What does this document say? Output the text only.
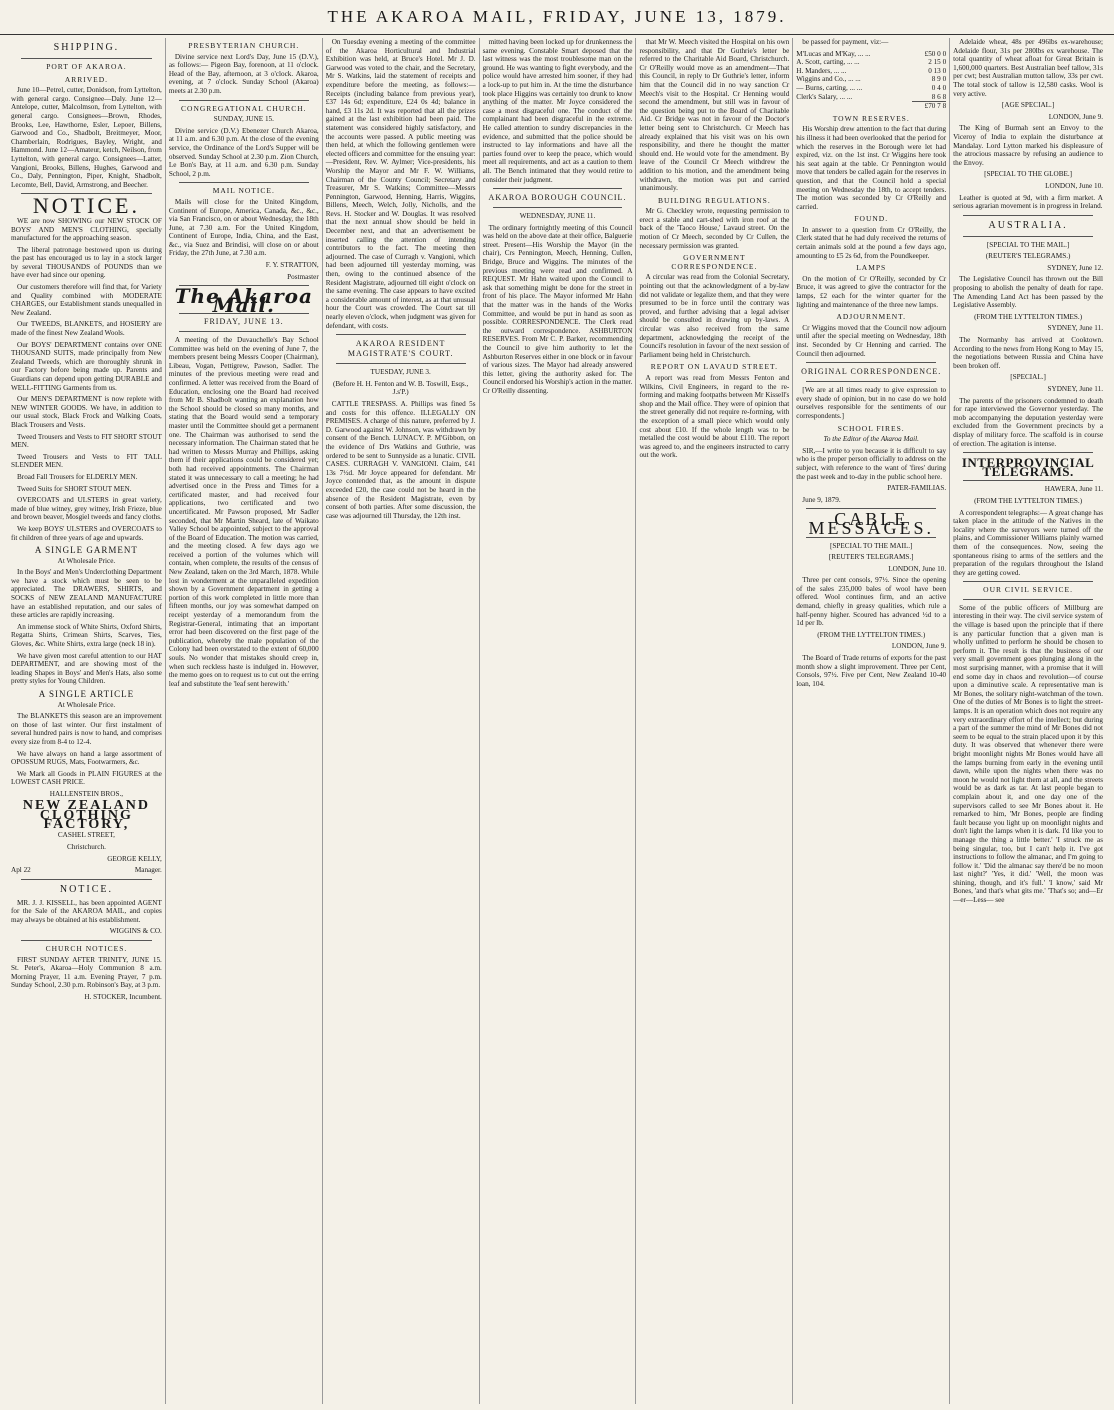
THE AKAROA MAIL, FRIDAY, JUNE 13, 1879.
SHIPPING.
PORT OF AKAROA.
ARRIVED.

June 10—Petrel, cutter, Donidson, from Lyttelton, with general cargo. Consignee—Daly. June 12—Antelope, cutter, Malcolmson, from Lyttelton, with general cargo. Consignees—Brown, Rhodes, Brooks, Lee, Hawthorne, Esler, Lepoer, Billens, Garwood and Co., Shadbolt, Breitmeyer, Moor, Chamberlain, Rodrigues, Bayley, Wright, and Hammond. June 12—Amateur, ketch, Neilson, from Lyttelton, with general cargo. Consignees—Latter, Vangioni, Brooks, Billens, Hughes, Garwood and Co., Daly, Pennington, Piper, Knight, Shadbolt, Lecomte, Bell, David, Armstrong, and Beecher.

NOTICE.

WE are now SHOWING our NEW STOCK OF BOYS' AND MEN'S CLOTHING, specially manufactured for the approaching season.

The liberal patronage bestowed upon us during the past has encouraged us to lay in a stock larger by several THOUSANDS of POUNDS than we have ever had since our opening.

Our customers therefore will find that, for Variety and Quality combined with MODERATE CHARGES, our Establishment stands unequalled in New Zealand.

Our TWEEDS, BLANKETS, and HOSIERY are made of the finest New Zealand Wools.

Our BOYS' DEPARTMENT contains over ONE THOUSAND SUITS, made principally from New Zealand Tweeds, which are thoroughly shrunk in our Factory before being made up. Parents and Guardians can depend upon getting DURABLE and WELL-FITTING Garments from us.

Our MEN'S DEPARTMENT is now replete with NEW WINTER GOODS. We have, in addition to our usual stock, Black Frock and Walking Coats, Black Trousers and Vests.

Tweed Trousers and Vests to FIT SHORT STOUT MEN.

Tweed Trousers and Vests to FIT TALL SLENDER MEN.

Broad Fall Trousers for ELDERLY MEN.

Tweed Suits for SHORT STOUT MEN.

OVERCOATS and ULSTERS in great variety, made of blue witney, grey witney, Irish Frieze, blue and brown beaver, Mosgiel tweeds and fancy cloths.

We keep BOYS' ULSTERS and OVERCOATS to fit children of three years of age and upwards.

A SINGLE GARMENT

At Wholesale Price.

In the Boys' and Men's Underclothing Department we have a stock which must be seen to be appreciated. The DRAWERS, SHIRTS, and SOCKS of NEW ZEALAND MANUFACTURE have an established reputation, and our sales of these articles are rapidly increasing.

An immense stock of White Shirts, Oxford Shirts, Regatta Shirts, Crimean Shirts, Scarves, Ties, Gloves, &c. White Shirts, extra large (neck 18 in).

We have given most careful attention to our HAT DEPARTMENT, and are showing most of the leading Shapes in Boys' and Men's Hats, also some pretty styles for Young Children.

A SINGLE ARTICLE

At Wholesale Price.

The BLANKETS this season are an improvement on those of last winter. Our first instalment of several hundred pairs is now to hand, and comprises every size from 8-4 to 12-4.

We have always on hand a large assortment of OPOSSUM RUGS, Mats, Footwarmers, &c.

We Mark all Goods in PLAIN FIGURES at the LOWEST CASH PRICE.

HALLENSTEIN BROS.,

NEW ZEALAND
CLOTHING FACTORY,

CASHEL STREET,

Christchurch.

GEORGE KELLY,

Apl 22	Manager.
NOTICE.

MR. J. J. KISSELL, has been appointed AGENT for the Sale of the AKAROA MAIL, and copies may always be obtained at his establishment.

WIGGINS & CO.

CHURCH NOTICES.

FIRST SUNDAY AFTER TRINITY, JUNE 15. St. Peter's, Akaroa—Holy Communion 8 a.m. Morning Prayer, 11 a.m. Evening Prayer, 7 p.m. Sunday School, 2.30 p.m. Robinson's Bay, at 3 p.m.

H. STOCKER, Incumbent.

PRESBYTERIAN CHURCH.

Divine service next Lord's Day, June 15 (D.V.), as follows:— Pigeon Bay, forenoon, at 11 o'clock. Head of the Bay, afternoon, at 3 o'clock. Akaroa, evening, at 7 o'clock. Sunday School (Akaroa) meets at 2.30 p.m.

CONGREGATIONAL CHURCH.

SUNDAY, JUNE 15.

Divine service (D.V.) Ebenezer Church Akaroa, at 11 a.m. and 6.30 p.m. At the close of the evening service, the Ordinance of the Lord's Supper will be observed. Sunday School at 2.30 p.m. Zion Church, Le Bon's Bay, at 11 a.m. and 6.30 p.m. Sunday School, 2 p.m.

MAIL NOTICE.

Mails will close for the United Kingdom, Continent of Europe, America, Canada, &c., &c., via San Francisco, on or about Wednesday, the 18th June, at 7.30 a.m. For the United Kingdom, Continent of Europe, India, China, and the East, &c., via Suez and Brindisi, will close on or about Friday, the 27th June, at 7.30 a.m.

F. Y. STRATTON,

Postmaster

The Akaroa Mail.
FRIDAY, JUNE 13.

A meeting of the Duvauchelle's Bay School Committee was held on the evening of June 7, the members present being Messrs Cooper (Chairman), Libeau, Vogan, Pettigrew, Pawson, Sadler. The minutes of the previous meeting were read and confirmed. A letter was received from the Board of Education, enclosing one the Board had received from Mr B. Shadbolt wanting an explanation how the School should be closed so many months, and stating that the Board would send a temporary master until the Committee should get a permanent one. The Chairman was authorised to send the necessary information. The Chairman stated that he had written to Messrs Murray and Phillips, asking them if their applications could be considered yet; both had received appointments. The Chairman stated it was unnecessary to call a meeting; he had advertised once in the Press and Times for a certificated master, and had received four applications, two certificated and two uncertificated. Mr Pawson proposed, Mr Sadler seconded, that Mr Martin Sheard, late of Waikato Valley School be appointed, subject to the approval of the Board of Education. The motion was carried, and the meeting closed. A few days ago we received a portion of the volumes which will contain, when complete, the results of the census of New Zealand, taken on the 3rd March, 1878. While lost in wonderment at the unparalleled expedition shown by a Government department in getting a portion of this work completed in little more than fifteen months, our joy was somewhat damped on receipt yesterday of a memorandum from the Registrar-General, intimating that an important error had been discovered on the first page of the publication, whereby the male population of the Colony had been overstated to the extent of 60,000 souls. No wonder that mistakes should creep in, when such reckless haste is indulged in. However, the memo goes on to request us to cut out the erring leaf and substitute the 'leaf sent herewith.'

On Tuesday evening a meeting of the committee of the Akaroa Horticultural and Industrial Exhibition was held, at Bruce's Hotel. Mr J. D. Garwood was voted to the chair, and the Secretary, Mr S. Watkins, laid the statement of receipts and expenditure before the meeting, as follows:—Receipts (including balance from previous year), £37 14s 6d; expenditure, £24 0s 4d; balance in hand, £3 11s 2d. It was reported that all the prizes gained at the last exhibition had been paid. The statement was considered highly satisfactory, and the accounts were passed. A public meeting was then held, at which the following gentlemen were elected officers and committee for the ensuing year:—President, Rev. W. Aylmer; Vice-presidents, his Worship the Mayor and Mr F. W. Williams, Chairman of the County Council; Secretary and Treasurer, Mr S. Watkins; Committee—Messrs Pennington, Garwood, Henning, Harris, Wiggins, Billens, Meech, Welch, Jolly, Nicholls, and the Revs. H. Stocker and W. Douglas. It was resolved that the next annual show should be held in December next, and that an advertisement be inserted calling the attention of intending contributors to the fact. The meeting then adjourned. The case of Curragh v. Vangioni, which had been adjourned till yesterday morning, was then, owing to the continued absence of the Resident Magistrate, adjourned till eight o'clock on the same evening. The case appears to have excited a considerable amount of interest, as at that unusual hour the Court was crowded. The Court sat till nearly eleven o'clock, when judgment was given for defendant, with costs.

AKAROA RESIDENT MAGISTRATE'S COURT.

TUESDAY, JUNE 3.

(Before H. H. Fenton and W. B. Toswill, Esqs., J.s'P.)

CATTLE TRESPASS. A. Phillips was fined 5s and costs for this offence. ILLEGALLY ON PREMISES. A charge of this nature, preferred by J. D. Garwood against W. Johnson, was withdrawn by consent of the Bench. LUNACY. P. M'Gibbon, on the evidence of Drs Watkins and Guthrie, was ordered to be sent to Sunnyside as a lunatic. CIVIL CASES. CURRAGH V. VANGIONI. Claim, £41 13s 7½d. Mr Joyce appeared for defendant. Mr Joyce contended that, as the amount in dispute exceeded £20, the case could not be heard in the absence of the Resident Magistrate, even by consent of both parties. After some discussion, the case was adjourned till Thursday, the 12th inst.

mitted having been locked up for drunkenness the same evening. Constable Smart deposed that the last witness was the most troublesome man on the ground. He was wanting to fight everybody, and the police would have arrested him sooner, if they had a lock-up to put him in. At the time the disturbance took place Higgins was certainly too drunk to know anything of the matter. Mr Joyce considered the case a most disgraceful one. The conduct of the complainant had been disgraceful in the extreme. He called attention to sundry discrepancies in the evidence, and submitted that the police should be instructed to lay informations and have all the parties found over to keep the peace, which would meet all requirements, and act as a caution to them all. The Bench intimated that they would retire to consider their judgment.

AKAROA BOROUGH COUNCIL.

WEDNESDAY, JUNE 11.

The ordinary fortnightly meeting of this Council was held on the above date at their office, Balguerie street. Present—His Worship the Mayor (in the chair), Crs Pennington, Meech, Henning, Cullen, Bridge, Bruce and Wiggins. The minutes of the previous meeting were read and confirmed. A REQUEST. Mr Hahn waited upon the Council to ask that something might be done for the street in front of his place. The Mayor informed Mr Hahn that the matter was in the hands of the Works Committee, and would be put in hand as soon as possible. CORRESPONDENCE. The Clerk read the outward correspondence. ASHBURTON RESERVES. From Mr C. P. Barker, recommending the Council to give him authority to let the Ashburton Reserves either in one block or in favour of various sizes. The Mayor had already answered this letter, giving the authority asked for. The Council endorsed his Worship's action in the matter. Cr O'Reilly dissenting.

that Mr W. Meech visited the Hospital on his own responsibility, and that Dr Guthrie's letter be referred to the Charitable Aid Board, Christchurch. Cr O'Reilly would move as an amendment—That this Council, in reply to Dr Guthrie's letter, inform him that the Council did in no way sanction Cr Meech's visit to the Hospital. Cr Henning would second the amendment, but still was in favour of the question being put to the Board of Charitable Aid. Cr Bridge was not in favour of the Doctor's letter being sent to Christchurch. Cr Meech has already explained that his visit was on his own responsibility, and there he thought the matter should end. He would vote for the amendment. By leave of the Council Cr Meech withdrew the addition to his motion, and the amendment being withdrawn, the motion was put and carried unanimously.

BUILDING REGULATIONS.

Mr G. Checkley wrote, requesting permission to erect a stable and cart-shed with iron roof at the back of the 'Taoco House,' Lavaud street. On the motion of Cr Meech, seconded by Cr Cullen, the necessary permission was granted.

GOVERNMENT CORRESPONDENCE.

A circular was read from the Colonial Secretary, pointing out that the acknowledgment of a by-law did not validate or legalize them, and that they were presumed to be in force until the contrary was proved, and further advising that a legal adviser should be consulted in drawing up by-laws. A circular was also received from the same department, acknowledging the receipt of the Council's resolution in favour of the next session of Parliament being held in Christchurch.

REPORT ON LAVAUD STREET.

A report was read from Messrs Fenton and Wilkins, Civil Engineers, in regard to the re-forming and making footpaths between Mr Kissell's shop and the Mail office. They were of opinion that the street generally did not require re-forming, with the exception of a small piece which would only cost about £10. If the whole length was to be metalled the cost would be about £110. The report was agreed to, and the engineers instructed to carry out the work.

be passed for payment, viz:—

M'Lucas and M'Kay, ... ...	£50 0 0
A. Scott, carting, ... ...	2 15 0
H. Manders, ... ...	0 13 0
Wiggins and Co., ... ...	8 9 0
— Burns, carting, ... ...	0 4 0
Clerk's Salary, ... ...	8 6 8
	£70 7 8
TOWN RESERVES.

His Worship drew attention to the fact that during his illness it had been overlooked that the period for which the reserves in the Borough were let had expired, viz. on the 1st inst. Cr Wiggins here took his seat again at the table. Cr Pennington would move that tenders be called again for the reserves in question, and that the Council hold a special meeting on Wednesday the 18th, to accept tenders. The motion was seconded by Cr O'Reilly and carried.

FOUND.

In answer to a question from Cr O'Reilly, the Clerk stated that he had duly received the returns of certain animals sold at the pound a few days ago, amounting to £5 2s 6d, from the Poundkeeper.

LAMPS

On the motion of Cr O'Reilly, seconded by Cr Bruce, it was agreed to give the contractor for the lamps, £2 each for the winter quarter for the lighting and maintenance of the three new lamps.

ADJOURNMENT.

Cr Wiggins moved that the Council now adjourn until after the special meeting on Wednesday, 18th inst. Seconded by Cr Henning and carried. The Council then adjourned.

ORIGINAL CORRESPONDENCE.

[We are at all times ready to give expression to every shade of opinion, but in no case do we hold ourselves responsible for the sentiments of our correspondents.]

SCHOOL FIRES.

To the Editor of the Akaroa Mail.

SIR,—I write to you because it is difficult to say who is the proper person officially to address on the subject, with reference to the want of 'fires' during the past week and to-day in the public school here.

PATER-FAMILIAS.

June 9, 1879.

CABLE MESSAGES.

[SPECIAL TO THE MAIL.]

[REUTER'S TELEGRAMS.]

LONDON, June 10.

Three per cent consols, 97½. Since the opening of the sales 235,000 bales of wool have been offered. Wool continues firm, and an active demand, chiefly in greasy qualities, which rule a half-penny higher. Scoured has advanced ½d to a 1d per lb.

(FROM THE LYTTELTON TIMES.)

LONDON, June 9.

The Board of Trade returns of exports for the past month show a slight improvement. Three per Cent, Consols, 97½. Five per Cent, New Zealand 10-40 loan, 104.

Adelaide wheat, 48s per 496lbs ex-warehouse; Adelaide flour, 31s per 280lbs ex warehouse. The total quantity of wheat afloat for Great Britain is 1,600,000 quarters. Best Australian beef tallow, 31s per cwt; best Australian mutton tallow, 33s per cwt. The total stock of tallow is 12,580 casks. Wool is very active.

[AGE SPECIAL.]

LONDON, June 9.

The King of Burmah sent an Envoy to the Viceroy of India to explain the disturbance at Mandalay. Lord Lytton marked his displeasure of the atrocious massacre by refusing an audience to the Envoy.

[SPECIAL TO THE GLOBE.]

LONDON, June 10.

Leather is quoted at 9d, with a firm market. A serious agrarian movement is in progress in Ireland.

AUSTRALIA.

[SPECIAL TO THE MAIL.]

(REUTER'S TELEGRAMS.)

SYDNEY, June 12.

The Legislative Council has thrown out the Bill proposing to abolish the penalty of death for rape. The Amending Land Act has been passed by the Legislative Assembly.

(FROM THE LYTTELTON TIMES.)

SYDNEY, June 11.

The Normanby has arrived at Cooktown. According to the news from Hong Kong to May 15, the negotiations between Russia and China have been broken off.

[SPECIAL.]

SYDNEY, June 11.

The parents of the prisoners condemned to death for rape interviewed the Governor yesterday. The mob accompanying the deputation yesterday were excluded from the Government precincts by a display of military force. The scaffold is in course of erection. The agitation is intense.

INTERPROVINCIAL TELEGRAMS.

HAWERA, June 11.

(FROM THE LYTTELTON TIMES.)

A correspondent telegraphs:— A great change has taken place in the attitude of the Natives in the locality where the surveyors were turned off the plains, and Commissioner Williams plainly warned them of the consequences. Now, seeing the spontaneous rising to arms of the settlers and the preparation of the regulars throughout the Island they are getting cowed.

OUR CIVIL SERVICE.

Some of the public officers of Millburg are interesting in their way. The civil service system of the village is based upon the principle that if there is any particular function that a given man is wholly unfitted to perform he should be chosen to perform it. The result is that the business of our very small government goes plunging along in the most surprising manner, with a promise that it will end some day in chaos and revolution—of course upon a diminutive scale. A representative man is Mr Bones, the solitary night-watchman of the town. One of the duties of Mr Bones is to light the street-lamps. It is an operation which does not require any very extraordinary effort of the intellect; but during a part of the summer the mind of Mr Bones did not seem to be equal to the strain placed upon it by this duty. It was observed that whenever there were bright moonlight nights Mr Bones would have all the lamps burning from early in the evening until dawn, while upon the nights when there was no moon he would not light them at all, and the streets would be as dark as tar. At last people began to complain about it, and one day one of the supervisors called to see Mr Bones about it. He remarked to him, 'Mr Bones, people are finding fault because you light up on moonlight nights and don't light the lamps when it is dark. I'd like you to manage the thing a little better.' 'I struck me as being singular, too, but I can't help it. I've got instructions to follow the almanac, and I'm going to follow it.' 'Did the almanac say there'd be no moon last night?' 'Yes, it did.' 'Well, the moon was shining, though, and it's full.' 'I know,' said Mr Bones, 'and that's what gits me.' 'That's so; and—Er—er—Less— see
